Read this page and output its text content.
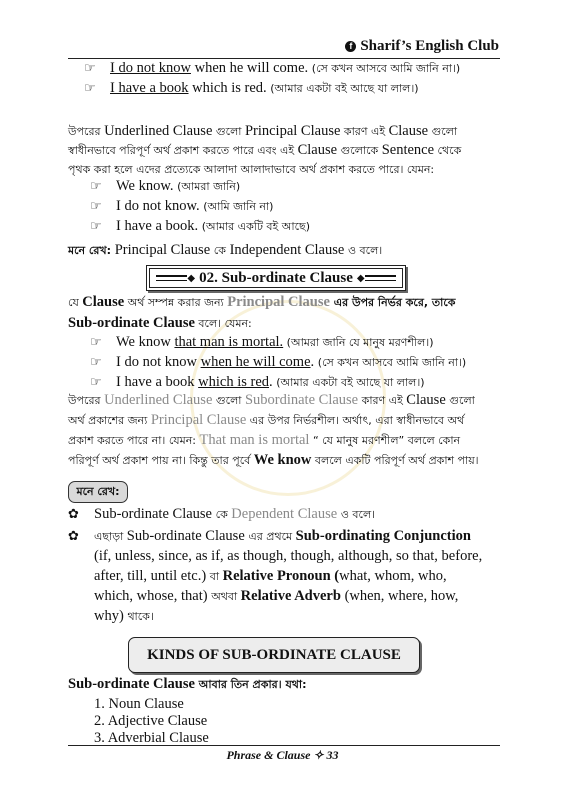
f Sharif’s English Club
☞ I do not know when he will come. (সে কখন আসবে আমি জানি না।)
☞ I have a book which is red. (আমার একটা বই আছে যা লাল।)
উপরের Underlined Clause গুলো Principal Clause কারণ এই Clause গুলো
স্বাধীনভাবে পরিপূর্ণ অর্থ প্রকাশ করতে পারে এবং এই Clause গুলোকে Sentence থেকে
পৃথক করা হলে এদের প্রত্যেকে আলাদা আলাদাভাবে অর্থ প্রকাশ করতে পারে। যেমন:
☞ We know. (আমরা জানি)
☞ I do not know. (আমি জানি না)
☞ I have a book. (আমার একটি বই আছে)
মনে রেখ: Principal Clause কে Independent Clause ও বলে।
◆ 02. Sub-ordinate Clause ◆
যে Clause অর্থ সম্পন্ন করার জন্য Principal Clause এর উপর নির্ভর করে, তাকে
Sub-ordinate Clause বলে। যেমন:
☞ We know that man is mortal. (আমরা জানি যে মানুষ মরণশীল।)
☞ I do not know when he will come. (সে কখন আসবে আমি জানি না।)
☞ I have a book which is red. (আমার একটা বই আছে যা লাল।)
উপরের Underlined Clause গুলো Subordinate Clause কারণ এই Clause গুলো
অর্থ প্রকাশের জন্য Principal Clause এর উপর নির্ভরশীল। অর্থাৎ, এরা স্বাধীনভাবে অর্থ
প্রকাশ করতে পারে না। যেমন: That man is mortal “ যে মানুষ মরণশীল” বললে কোন
পরিপূর্ণ অর্থ প্রকাশ পায় না। কিন্তু তার পূর্বে We know বললে একটি পরিপূর্ণ অর্থ প্রকাশ পায়।
মনে রেখ:
✿ Sub-ordinate Clause কে Dependent Clause ও বলে।
✿ এছাড়া Sub-ordinate Clause এর প্রথমে Sub-ordinating Conjunction
(if, unless, since, as if, as though, though, although, so that, before,
after, till, until etc.) বা Relative Pronoun (what, whom, who,
which, whose, that) অথবা Relative Adverb (when, where, how,
why) থাকে।
KINDS OF SUB-ORDINATE CLAUSE
Sub-ordinate Clause আবার তিন প্রকার। যথা:
1. Noun Clause
2. Adjective Clause
3. Adverbial Clause
Phrase & Clause ✧ 33
